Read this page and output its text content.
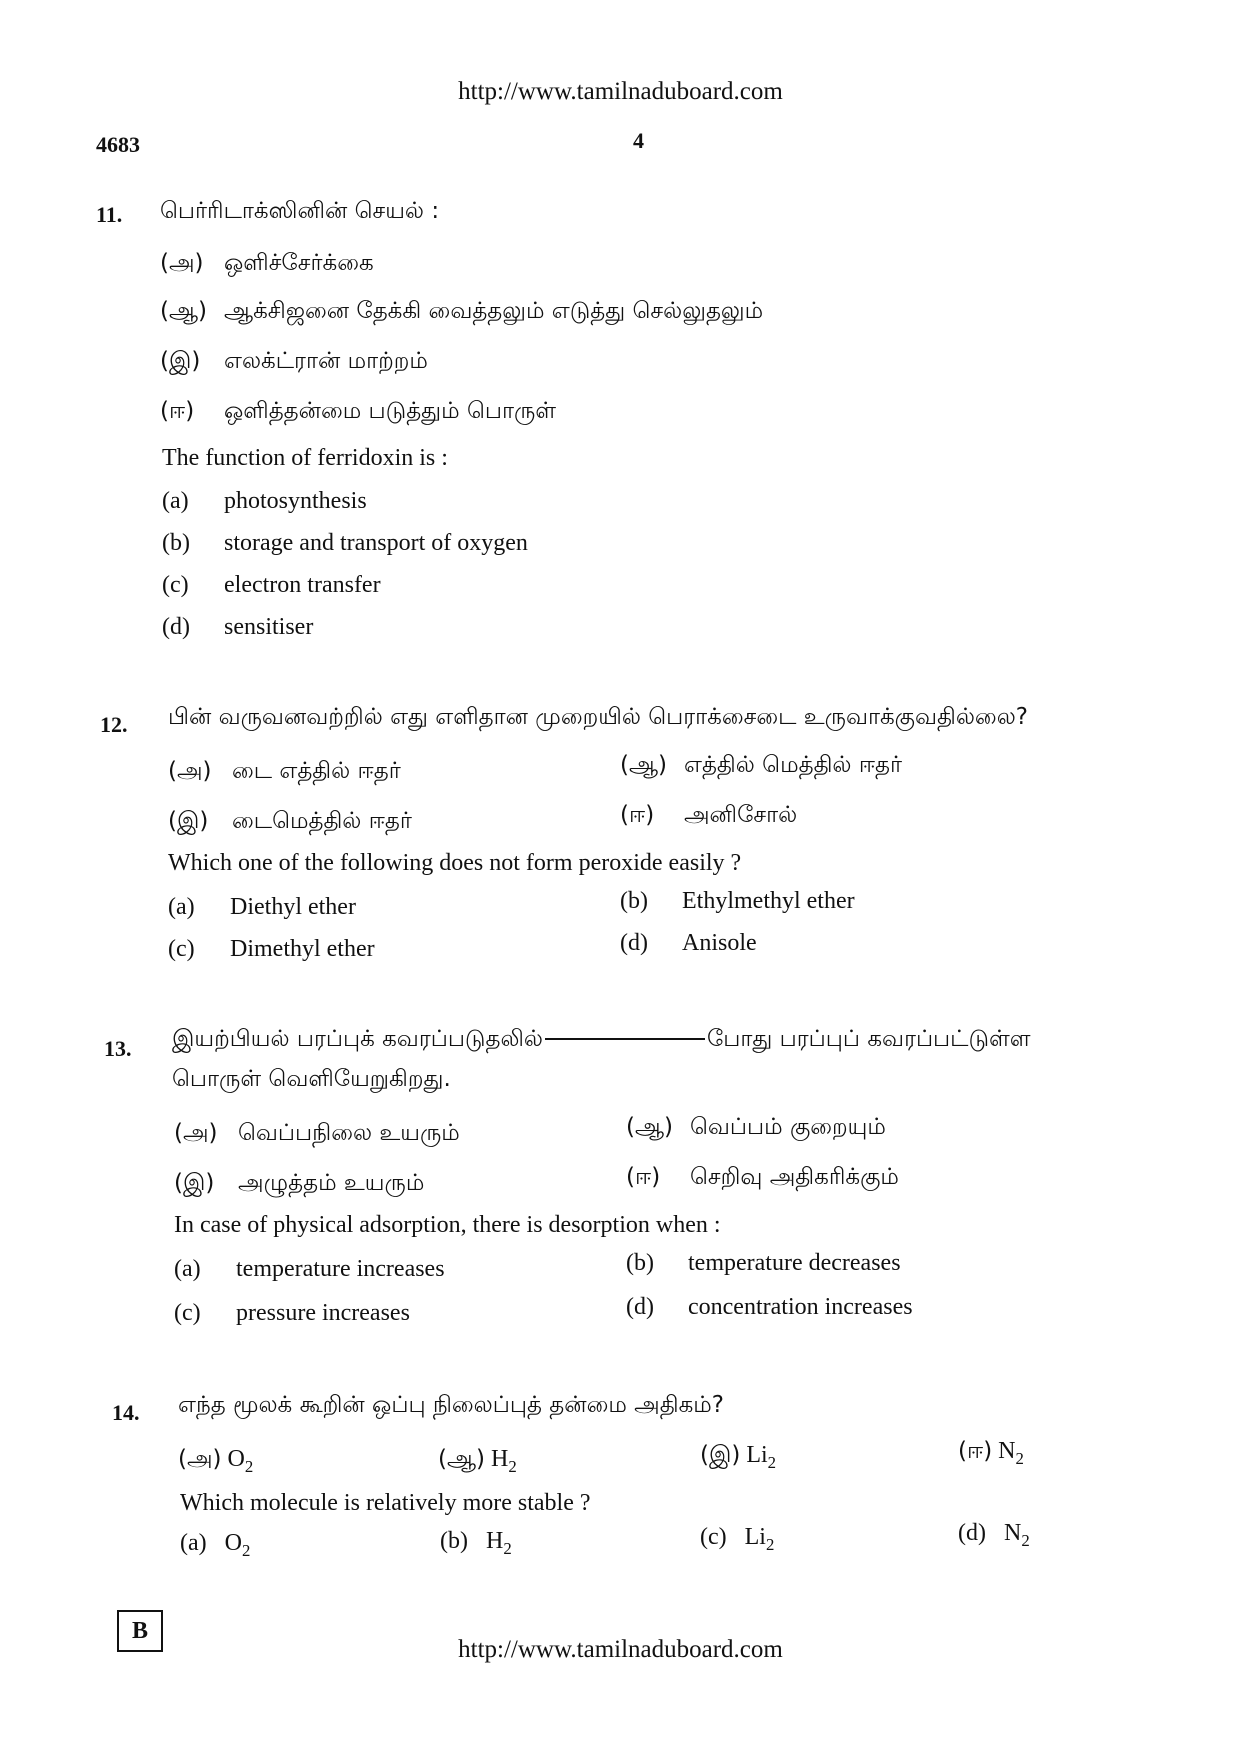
http://www.tamilnaduboard.com
4683	4
11. பெர்ரிடாக்ஸினின் செயல் :
(அ) ஒளிச்சேர்க்கை
(ஆ) ஆக்சிஜனை தேக்கி வைத்தலும் எடுத்து செல்லுதலும்
(இ) எலக்ட்ரான் மாற்றம்
(ஈ) ஒளித்தன்மை படுத்தும் பொருள்
The function of ferridoxin is :
(a) photosynthesis
(b) storage and transport of oxygen
(c) electron transfer
(d) sensitiser
12. பின் வருவனவற்றில் எது எளிதான முறையில் பெராக்சைடை உருவாக்குவதில்லை?
(அ) டை எத்தில் ஈதர்	(ஆ) எத்தில் மெத்தில் ஈதர்
(இ) டைமெத்தில் ஈதர்	(ஈ) அனிசோல்
Which one of the following does not form peroxide easily ?
(a) Diethyl ether	(b) Ethylmethyl ether
(c) Dimethyl ether	(d) Anisole
13. இயற்பியல் பரப்புக் கவரப்படுதலில்	போது பரப்புப் கவரப்பட்டுள்ள
பொருள் வெளியேறுகிறது.
(அ) வெப்பநிலை உயரும்	(ஆ) வெப்பம் குறையும்
(இ) அழுத்தம் உயரும்	(ஈ) செறிவு அதிகரிக்கும்
In case of physical adsorption, there is desorption when :
(a) temperature increases	(b) temperature decreases
(c) pressure increases	(d) concentration increases
14. எந்த மூலக் கூறின் ஒப்பு நிலைப்புத் தன்மை அதிகம்?
(அ) $O_2$	(ஆ) $H_2$	(இ) $Li_2$	(ஈ) $N_2$
Which molecule is relatively more stable ?
(a) $O_2$	(b) $H_2$	(c) $Li_2$	(d) $N_2$
B
http://www.tamilnaduboard.com
